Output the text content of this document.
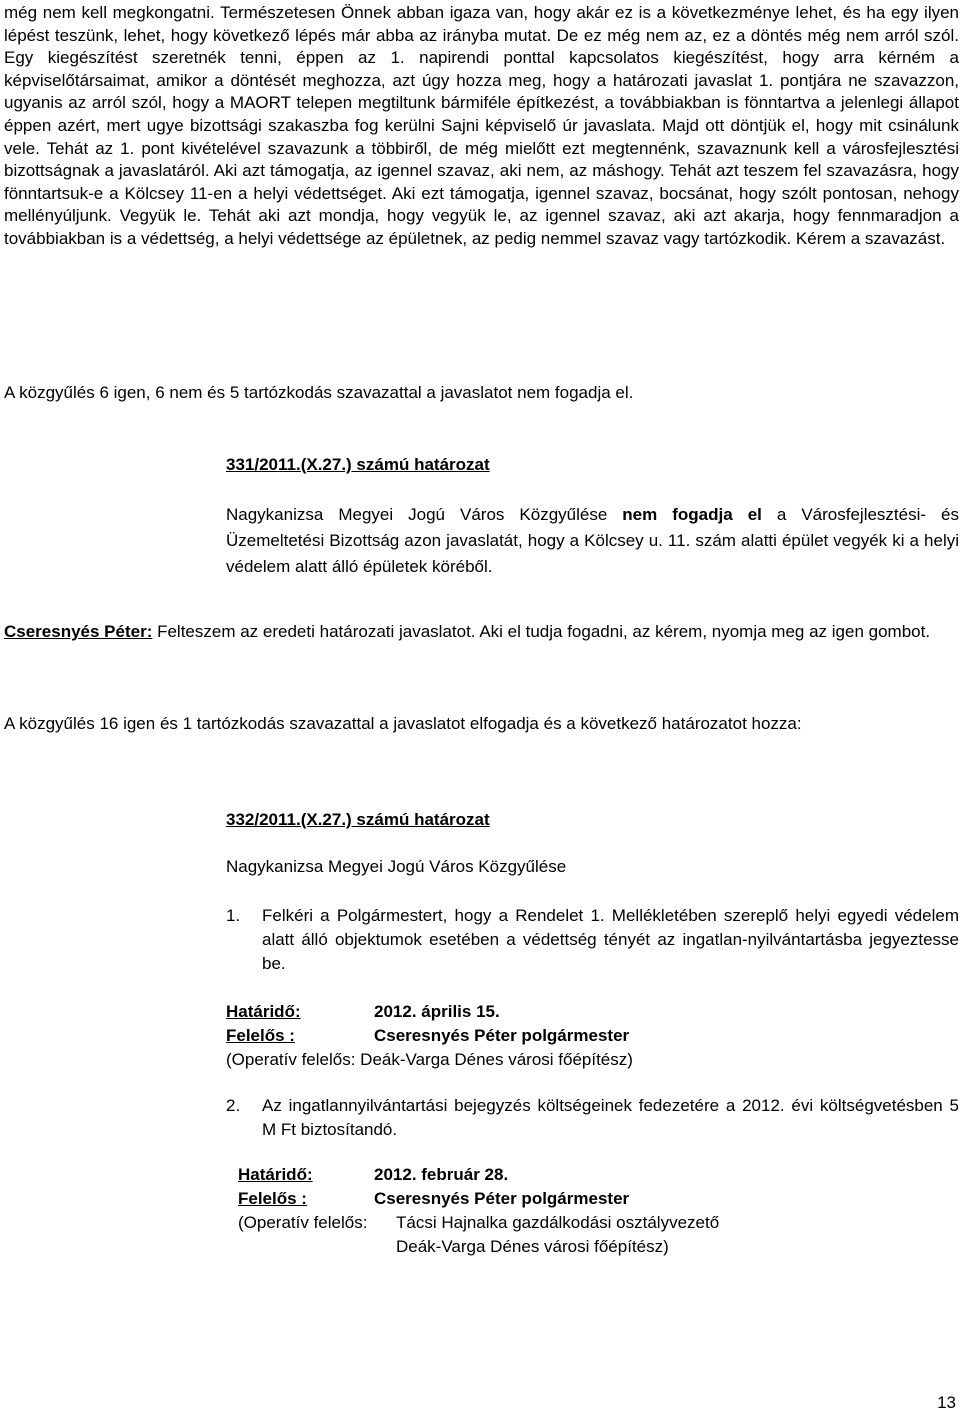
még nem kell megkongatni. Természetesen Önnek abban igaza van, hogy akár ez is a következménye lehet, és ha egy ilyen lépést teszünk, lehet, hogy következő lépés már abba az irányba mutat. De ez még nem az, ez a döntés még nem arról szól. Egy kiegészítést szeretnék tenni, éppen az 1. napirendi ponttal kapcsolatos kiegészítést, hogy arra kérném a képviselőtársaimat, amikor a döntését meghozza, azt úgy hozza meg, hogy a határozati javaslat 1. pontjára ne szavazzon, ugyanis az arról szól, hogy a MAORT telepen megtiltunk bármiféle építkezést, a továbbiakban is fönntartva a jelenlegi állapot éppen azért, mert ugye bizottsági szakaszba fog kerülni Sajni képviselő úr javaslata. Majd ott döntjük el, hogy mit csinálunk vele. Tehát az 1. pont kivételével szavazunk a többiről, de még mielőtt ezt megtennénk, szavaznunk kell a városfejlesztési bizottságnak a javaslatáról. Aki azt támogatja, az igennel szavaz, aki nem, az máshogy. Tehát azt teszem fel szavazásra, hogy fönntartsuk-e a Kölcsey 11-en a helyi védettséget. Aki ezt támogatja, igennel szavaz, bocsánat, hogy szólt pontosan, nehogy mellényúljunk. Vegyük le. Tehát aki azt mondja, hogy vegyük le, az igennel szavaz, aki azt akarja, hogy fennmaradjon a továbbiakban is a védettség, a helyi védettsége az épületnek, az pedig nemmel szavaz vagy tartózkodik. Kérem a szavazást.

A közgyűlés 6 igen, 6 nem és 5 tartózkodás szavazattal a javaslatot nem fogadja el.

331/2011.(X.27.) számú határozat

Nagykanizsa Megyei Jogú Város Közgyűlése nem fogadja el a Városfejlesztési- és Üzemeltetési Bizottság azon javaslatát, hogy a Kölcsey u. 11. szám alatti épület vegyék ki a helyi védelem alatt álló épületek köréből.

Cseresnyés Péter: Felteszem az eredeti határozati javaslatot. Aki el tudja fogadni, az kérem, nyomja meg az igen gombot.

A közgyűlés 16 igen és 1 tartózkodás szavazattal a javaslatot elfogadja és a következő határozatot hozza:

332/2011.(X.27.) számú határozat
Nagykanizsa Megyei Jogú Város Közgyűlése
1.	Felkéri a Polgármestert, hogy a Rendelet 1. Mellékletében szereplő helyi egyedi védelem alatt álló objektumok esetében a védettség tényét az ingatlan-nyilvántartásba jegyeztesse be.
Határidő:	2012. április 15.
Felelős :	Cseresnyés Péter polgármester
(Operatív felelős: Deák-Varga Dénes városi főépítész)
2.	Az ingatlannyilvántartási bejegyzés költségeinek fedezetére a 2012. évi költségvetésben 5 M Ft biztosítandó.
Határidő:	2012. február 28.
Felelős :	Cseresnyés Péter polgármester
(Operatív felelős:	Tácsi Hajnalka gazdálkodási osztályvezető
Deák-Varga Dénes városi főépítész)
13
